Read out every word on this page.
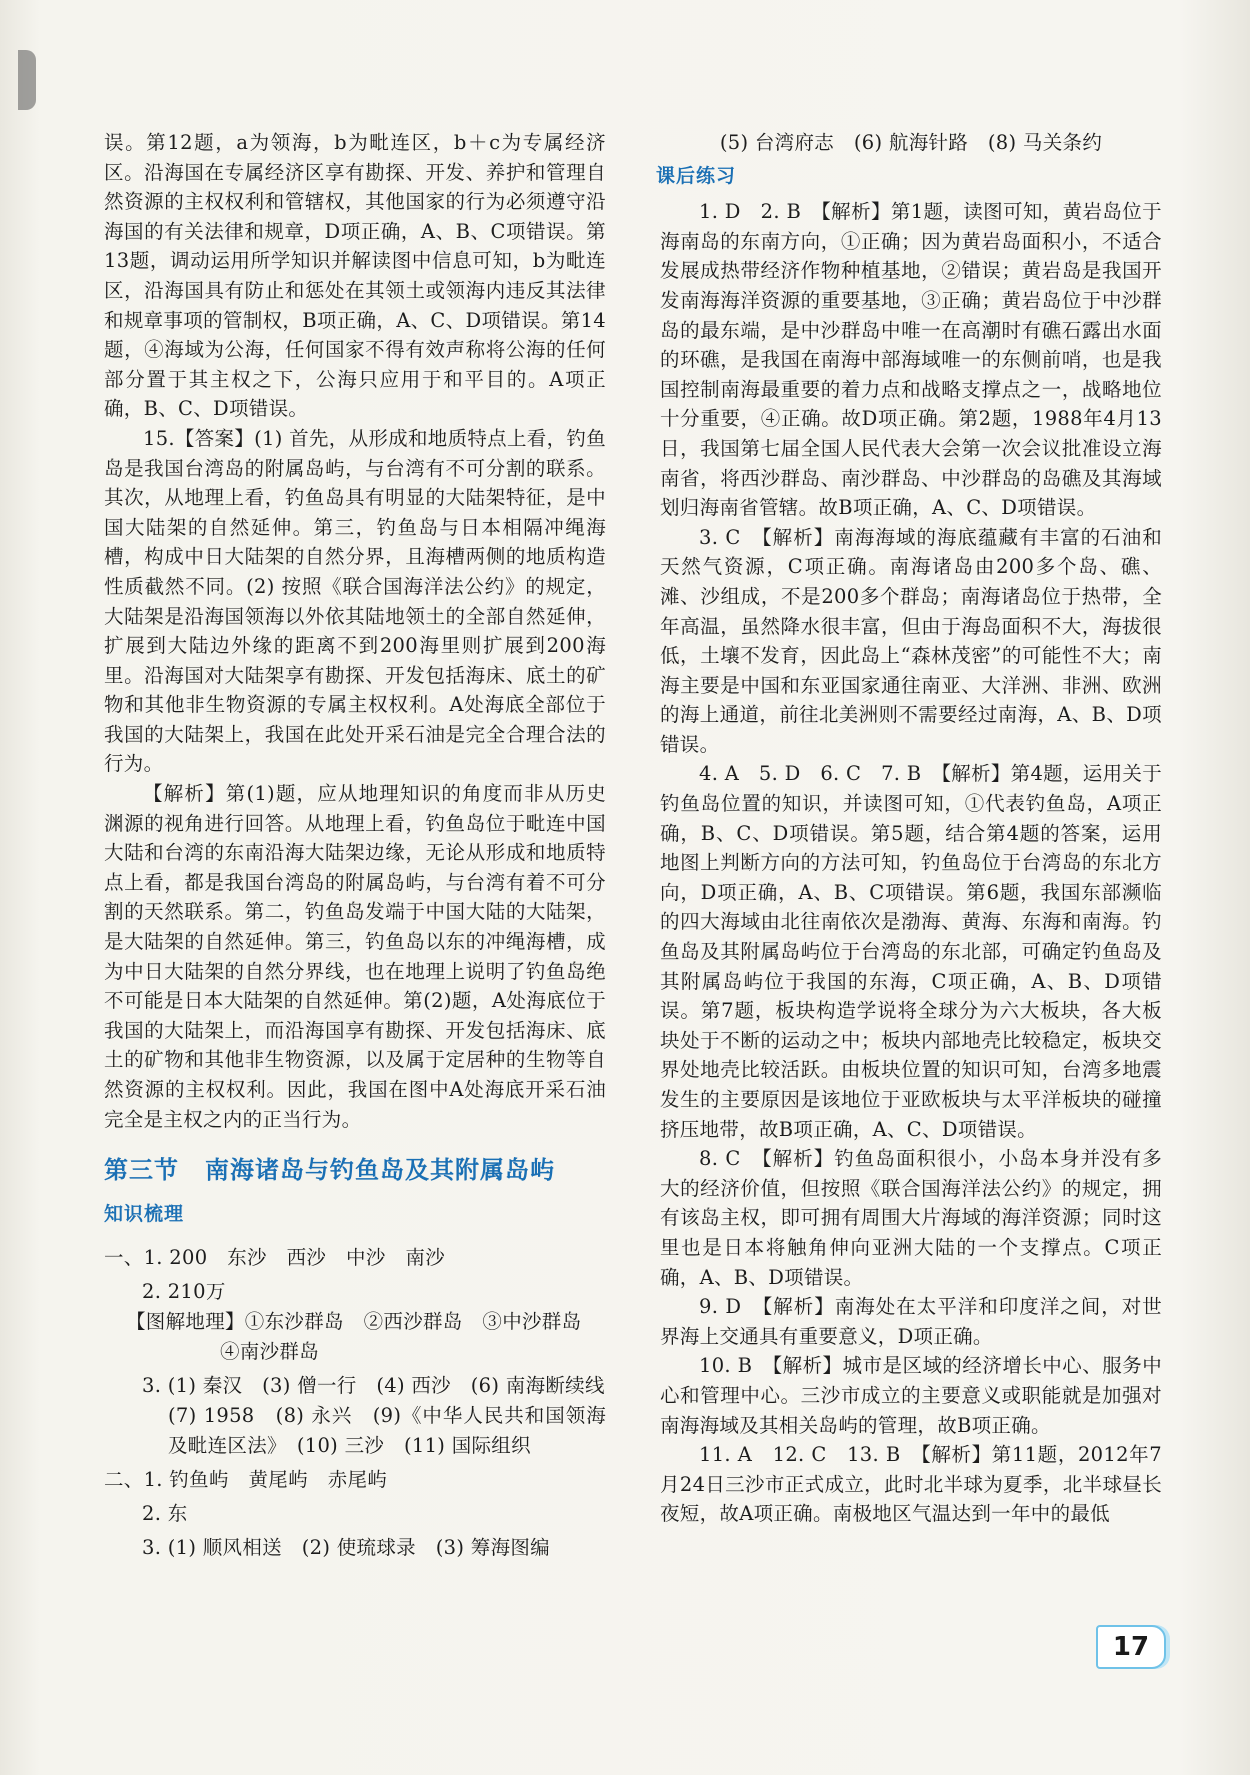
误。第12题，a为领海，b为毗连区，b＋c为专属经济区。沿海国在专属经济区享有勘探、开发、养护和管理自然资源的主权权利和管辖权，其他国家的行为必须遵守沿海国的有关法律和规章，D项正确，A、B、C项错误。第13题，调动运用所学知识并解读图中信息可知，b为毗连区，沿海国具有防止和惩处在其领土或领海内违反其法律和规章事项的管制权，B项正确，A、C、D项错误。第14题，④海域为公海，任何国家不得有效声称将公海的任何部分置于其主权之下，公海只应用于和平目的。A项正确，B、C、D项错误。

15.【答案】(1) 首先，从形成和地质特点上看，钓鱼岛是我国台湾岛的附属岛屿，与台湾有不可分割的联系。其次，从地理上看，钓鱼岛具有明显的大陆架特征，是中国大陆架的自然延伸。第三，钓鱼岛与日本相隔冲绳海槽，构成中日大陆架的自然分界，且海槽两侧的地质构造性质截然不同。(2) 按照《联合国海洋法公约》的规定，大陆架是沿海国领海以外依其陆地领土的全部自然延伸，扩展到大陆边外缘的距离不到200海里则扩展到200海里。沿海国对大陆架享有勘探、开发包括海床、底土的矿物和其他非生物资源的专属主权权利。A处海底全部位于我国的大陆架上，我国在此处开采石油是完全合理合法的行为。

【解析】第(1)题，应从地理知识的角度而非从历史渊源的视角进行回答。从地理上看，钓鱼岛位于毗连中国大陆和台湾的东南沿海大陆架边缘，无论从形成和地质特点上看，都是我国台湾岛的附属岛屿，与台湾有着不可分割的天然联系。第二，钓鱼岛发端于中国大陆的大陆架，是大陆架的自然延伸。第三，钓鱼岛以东的冲绳海槽，成为中日大陆架的自然分界线，也在地理上说明了钓鱼岛绝不可能是日本大陆架的自然延伸。第(2)题，A处海底位于我国的大陆架上，而沿海国享有勘探、开发包括海床、底土的矿物和其他非生物资源，以及属于定居种的生物等自然资源的主权权利。因此，我国在图中A处海底开采石油完全是主权之内的正当行为。

第三节 南海诸岛与钓鱼岛及其附属岛屿
知识梳理

一、1. 200　东沙　西沙　中沙　南沙

2. 210万

【图解地理】①东沙群岛　②西沙群岛　③中沙群岛

④南沙群岛

3. (1) 秦汉　(3) 僧一行　(4) 西沙　(6) 南海断续线

(7) 1958　(8) 永兴　(9)《中华人民共和国领海及毗连区法》　(10) 三沙　(11) 国际组织

二、1. 钓鱼屿　黄尾屿　赤尾屿

2. 东

3. (1) 顺风相送　(2) 使琉球录　(3) 筹海图编

(5) 台湾府志　(6) 航海针路　(8) 马关条约

课后练习

1. D　2. B　【解析】第1题，读图可知，黄岩岛位于海南岛的东南方向，①正确；因为黄岩岛面积小，不适合发展成热带经济作物种植基地，②错误；黄岩岛是我国开发南海海洋资源的重要基地，③正确；黄岩岛位于中沙群岛的最东端，是中沙群岛中唯一在高潮时有礁石露出水面的环礁，是我国在南海中部海域唯一的东侧前哨，也是我国控制南海最重要的着力点和战略支撑点之一，战略地位十分重要，④正确。故D项正确。第2题，1988年4月13日，我国第七届全国人民代表大会第一次会议批准设立海南省，将西沙群岛、南沙群岛、中沙群岛的岛礁及其海域划归海南省管辖。故B项正确，A、C、D项错误。

3. C　【解析】南海海域的海底蕴藏有丰富的石油和天然气资源，C项正确。南海诸岛由200多个岛、礁、滩、沙组成，不是200多个群岛；南海诸岛位于热带，全年高温，虽然降水很丰富，但由于海岛面积不大，海拔很低，土壤不发育，因此岛上“森林茂密”的可能性不大；南海主要是中国和东亚国家通往南亚、大洋洲、非洲、欧洲的海上通道，前往北美洲则不需要经过南海，A、B、D项错误。

4. A　5. D　6. C　7. B　【解析】第4题，运用关于钓鱼岛位置的知识，并读图可知，①代表钓鱼岛，A项正确，B、C、D项错误。第5题，结合第4题的答案，运用地图上判断方向的方法可知，钓鱼岛位于台湾岛的东北方向，D项正确，A、B、C项错误。第6题，我国东部濒临的四大海域由北往南依次是渤海、黄海、东海和南海。钓鱼岛及其附属岛屿位于台湾岛的东北部，可确定钓鱼岛及其附属岛屿位于我国的东海，C项正确，A、B、D项错误。第7题，板块构造学说将全球分为六大板块，各大板块处于不断的运动之中；板块内部地壳比较稳定，板块交界处地壳比较活跃。由板块位置的知识可知，台湾多地震发生的主要原因是该地位于亚欧板块与太平洋板块的碰撞挤压地带，故B项正确，A、C、D项错误。

8. C　【解析】钓鱼岛面积很小，小岛本身并没有多大的经济价值，但按照《联合国海洋法公约》的规定，拥有该岛主权，即可拥有周围大片海域的海洋资源；同时这里也是日本将触角伸向亚洲大陆的一个支撑点。C项正确，A、B、D项错误。

9. D　【解析】南海处在太平洋和印度洋之间，对世界海上交通具有重要意义，D项正确。

10. B　【解析】城市是区域的经济增长中心、服务中心和管理中心。三沙市成立的主要意义或职能就是加强对南海海域及其相关岛屿的管理，故B项正确。

11. A　12. C　13. B　【解析】第11题，2012年7月24日三沙市正式成立，此时北半球为夏季，北半球昼长夜短，故A项正确。南极地区气温达到一年中的最低

17
